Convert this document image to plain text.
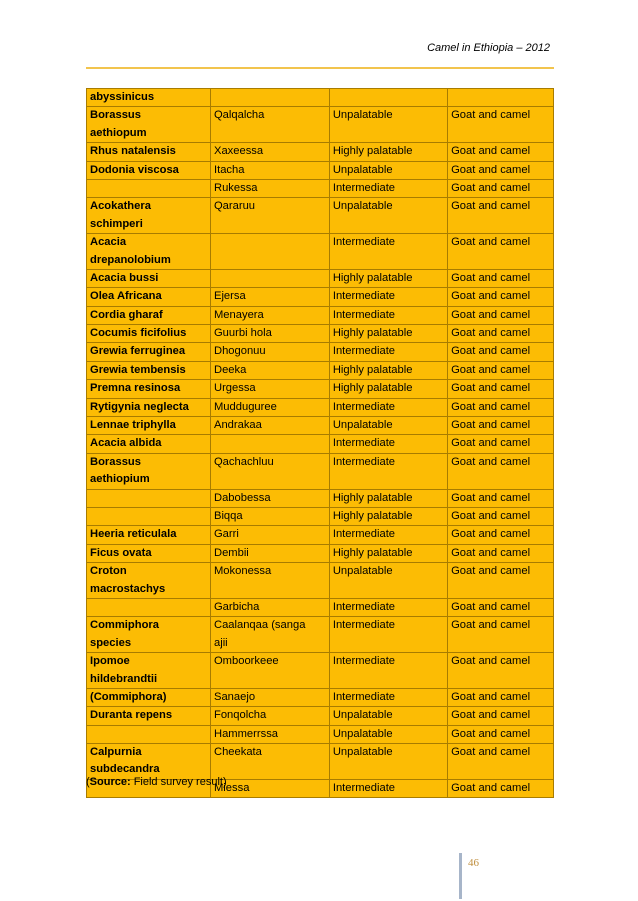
Camel in Ethiopia – 2012
abyssinicus			

Borassus
aethiopum	Qalqalcha	Unpalatable	Goat and camel

Rhus natalensis	Xaxeessa	Highly palatable	Goat and camel

Dodonia viscosa	Itacha	Unpalatable	Goat and camel

	Rukessa	Intermediate	Goat and camel

Acokathera
schimperi	Qararuu	Unpalatable	Goat and camel

Acacia
drepanolobium		Intermediate	Goat and camel

Acacia bussi		Highly palatable	Goat and camel

Olea Africana	Ejersa	Intermediate	Goat and camel

Cordia gharaf	Menayera	Intermediate	Goat and camel

Cocumis ficifolius	Guurbi hola	Highly palatable	Goat and camel

Grewia ferruginea	Dhogonuu	Intermediate	Goat and camel

Grewia tembensis	Deeka	Highly palatable	Goat and camel

Premna resinosa	Urgessa	Highly palatable	Goat and camel

Rytigynia neglecta	Mudduguree	Intermediate	Goat and camel

Lennae triphylla	Andrakaa	Unpalatable	Goat and camel

Acacia albida		Intermediate	Goat and camel

Borassus
aethiopium	Qachachluu	Intermediate	Goat and camel

	Dabobessa	Highly palatable	Goat and camel

	Biqqa	Highly palatable	Goat and camel

Heeria reticulala	Garri	Intermediate	Goat and camel

Ficus ovata	Dembii	Highly palatable	Goat and camel

Croton
macrostachys	Mokonessa	Unpalatable	Goat and camel

	Garbicha	Intermediate	Goat and camel

Commiphora
species	Caalanqaa (sanga
ajii	Intermediate	Goat and camel

Ipomoe
hildebrandtii	Omboorkeee	Intermediate	Goat and camel

(Commiphora)	Sanaejo	Intermediate	Goat and camel

Duranta repens	Fonqolcha	Unpalatable	Goat and camel

	Hammerrssa	Unpalatable	Goat and camel

Calpurnia
subdecandra	Cheekata	Unpalatable	Goat and camel

	Miessa	Intermediate	Goat and camel
(Source: Field survey result)
46
